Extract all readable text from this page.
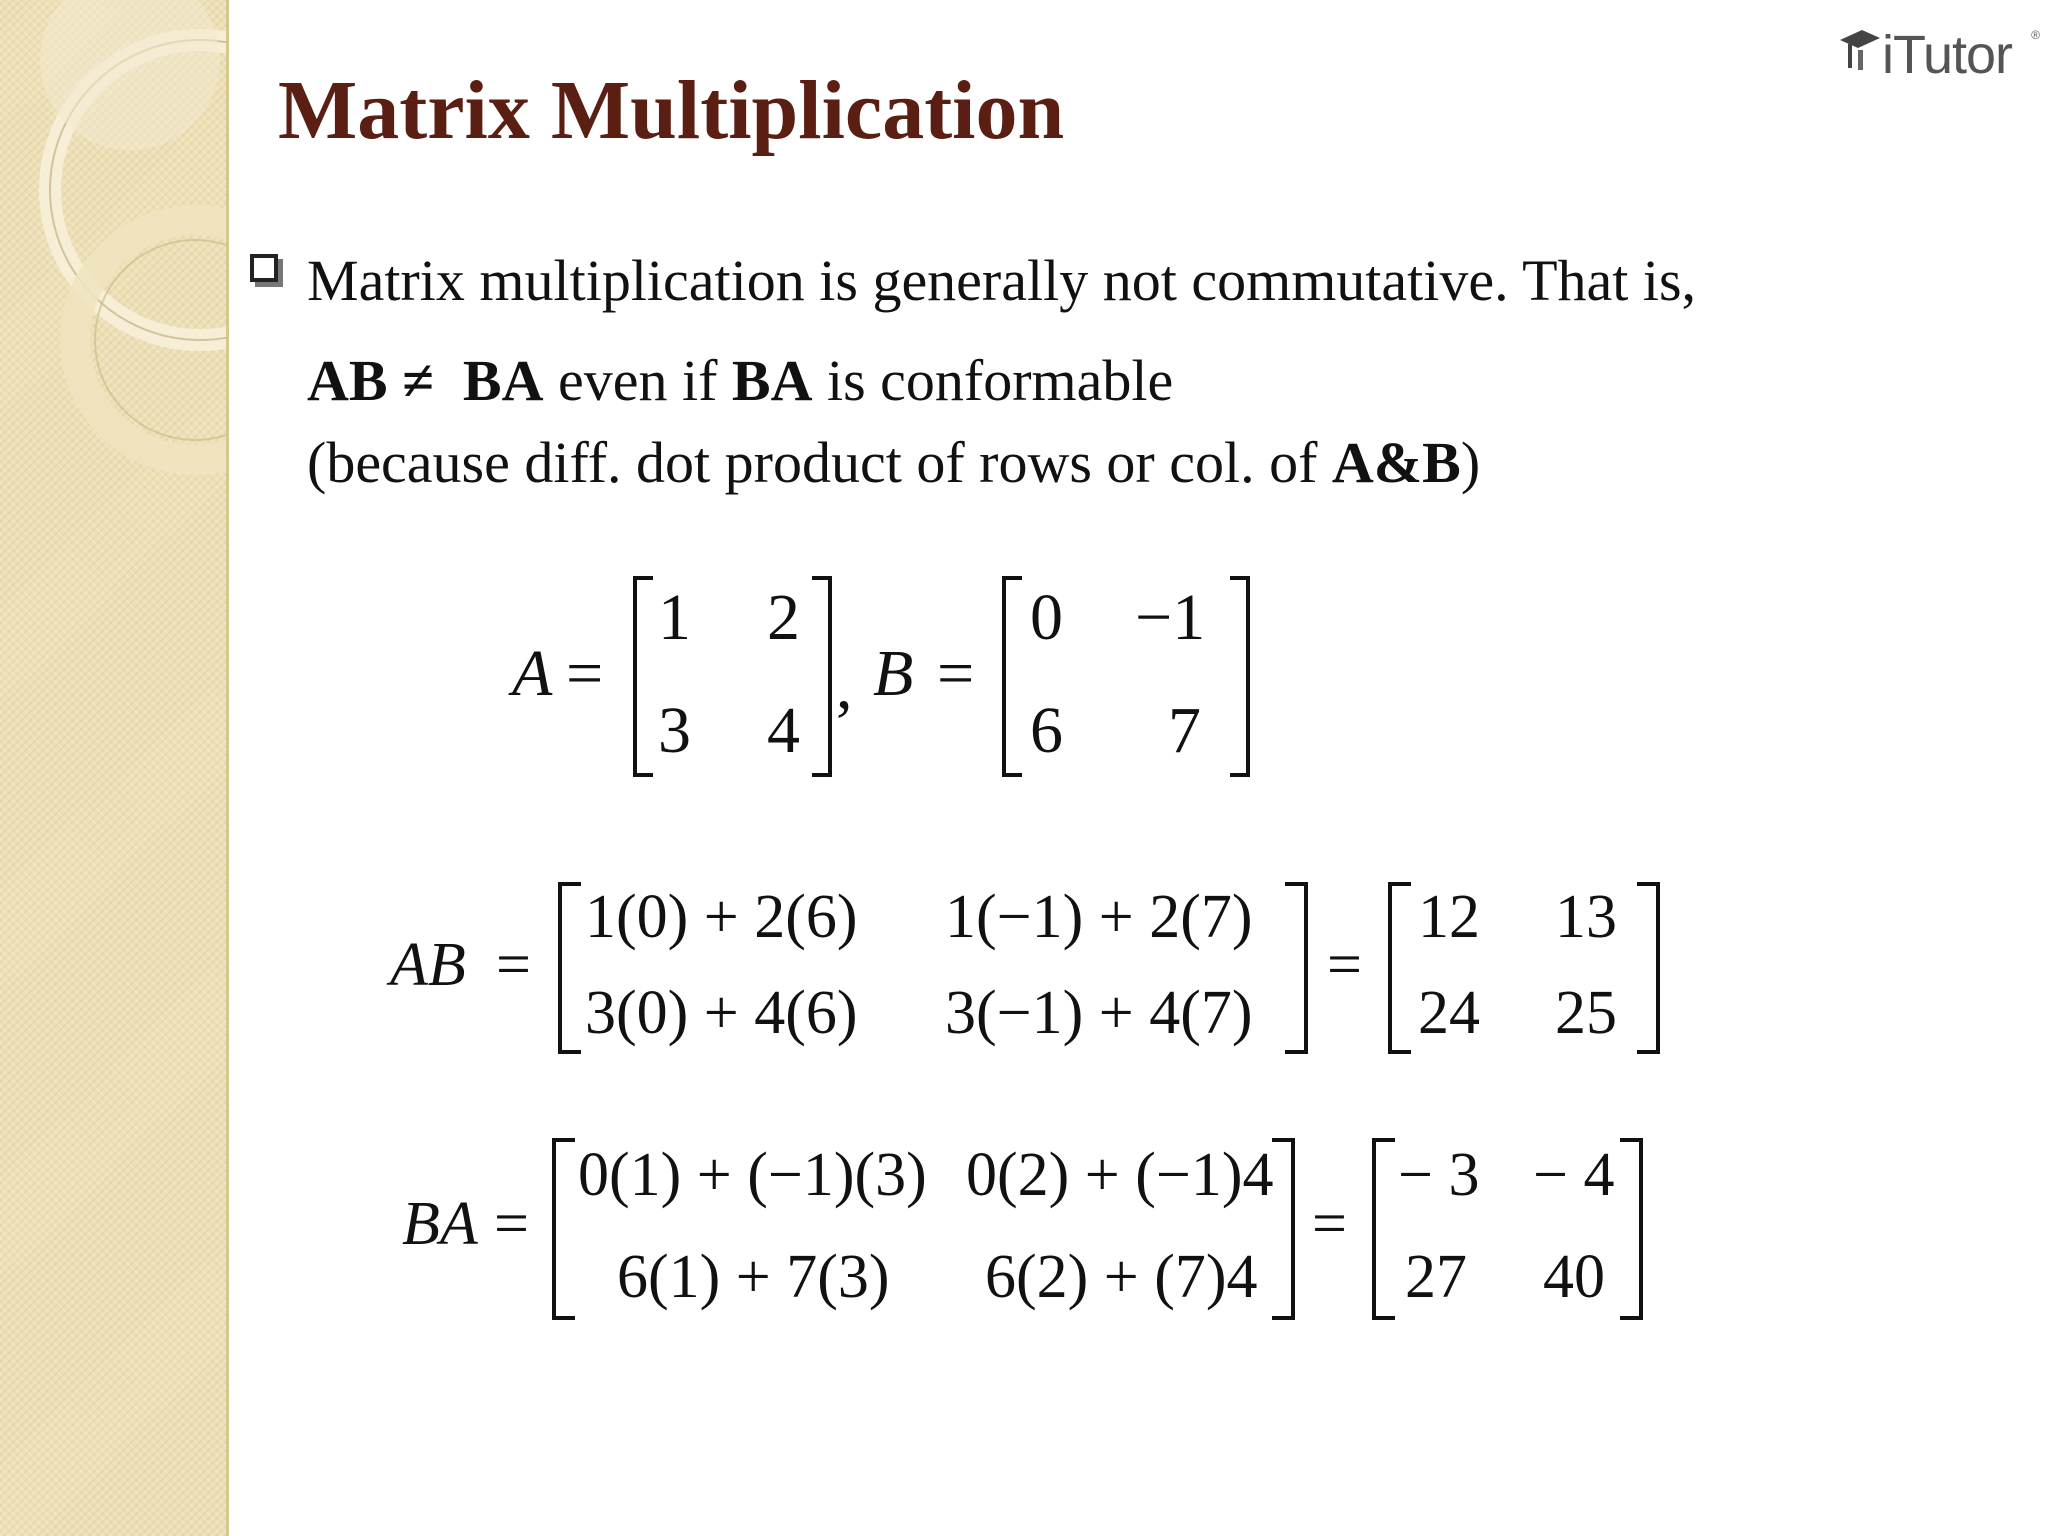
iTutor ®
Matrix Multiplication
Matrix multiplication is generally not commutative. That is,
AB ≠ BA even if BA is conformable
(because diff. dot product of rows or col. of A&B)
A =
1 2
3 4
, B =
0 −1
6 7
AB =
1(0) + 2(6) 1(−1) + 2(7)
3(0) + 4(6) 3(−1) + 4(7)
=
12 13
24 25
BA =
0(1) + (−1)(3) 0(2) + (−1)4
6(1) + 7(3) 6(2) + (7)4
=
− 3 − 4
27 40
